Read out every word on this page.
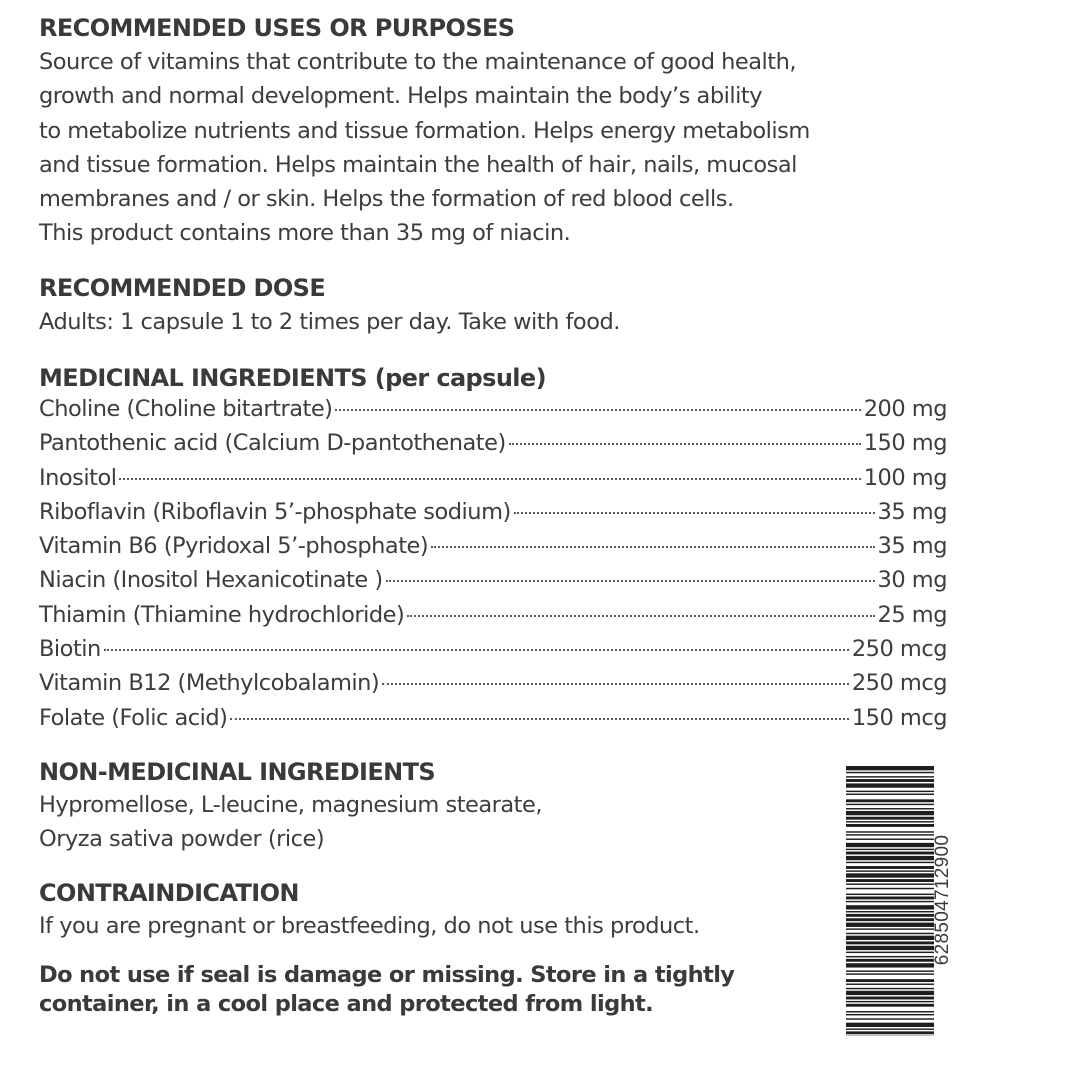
RECOMMENDED USES OR PURPOSES
Source of vitamins that contribute to the maintenance of good health,
growth and normal development. Helps maintain the body’s ability
to metabolize nutrients and tissue formation. Helps energy metabolism
and tissue formation. Helps maintain the health of hair, nails, mucosal
membranes and / or skin. Helps the formation of red blood cells.
This product contains more than 35 mg of niacin.
RECOMMENDED DOSE
Adults: 1 capsule 1 to 2 times per day. Take with food.
MEDICINAL INGREDIENTS (per capsule)
Choline (Choline bitartrate)	200 mg
Pantothenic acid (Calcium D-pantothenate)	150 mg
Inositol	100 mg
Riboflavin (Riboflavin 5’-phosphate sodium)	35 mg
Vitamin B6 (Pyridoxal 5’-phosphate)	35 mg
Niacin (Inositol Hexanicotinate )	30 mg
Thiamin (Thiamine hydrochloride)	25 mg
Biotin	250 mcg
Vitamin B12 (Methylcobalamin)	250 mcg
Folate (Folic acid)	150 mcg
NON-MEDICINAL INGREDIENTS
Hypromellose, L-leucine, magnesium stearate,
Oryza sativa powder (rice)
CONTRAINDICATION
If you are pregnant or breastfeeding, do not use this product.
Do not use if seal is damage or missing. Store in a tightly
container, in a cool place and protected from light.
628504712900
